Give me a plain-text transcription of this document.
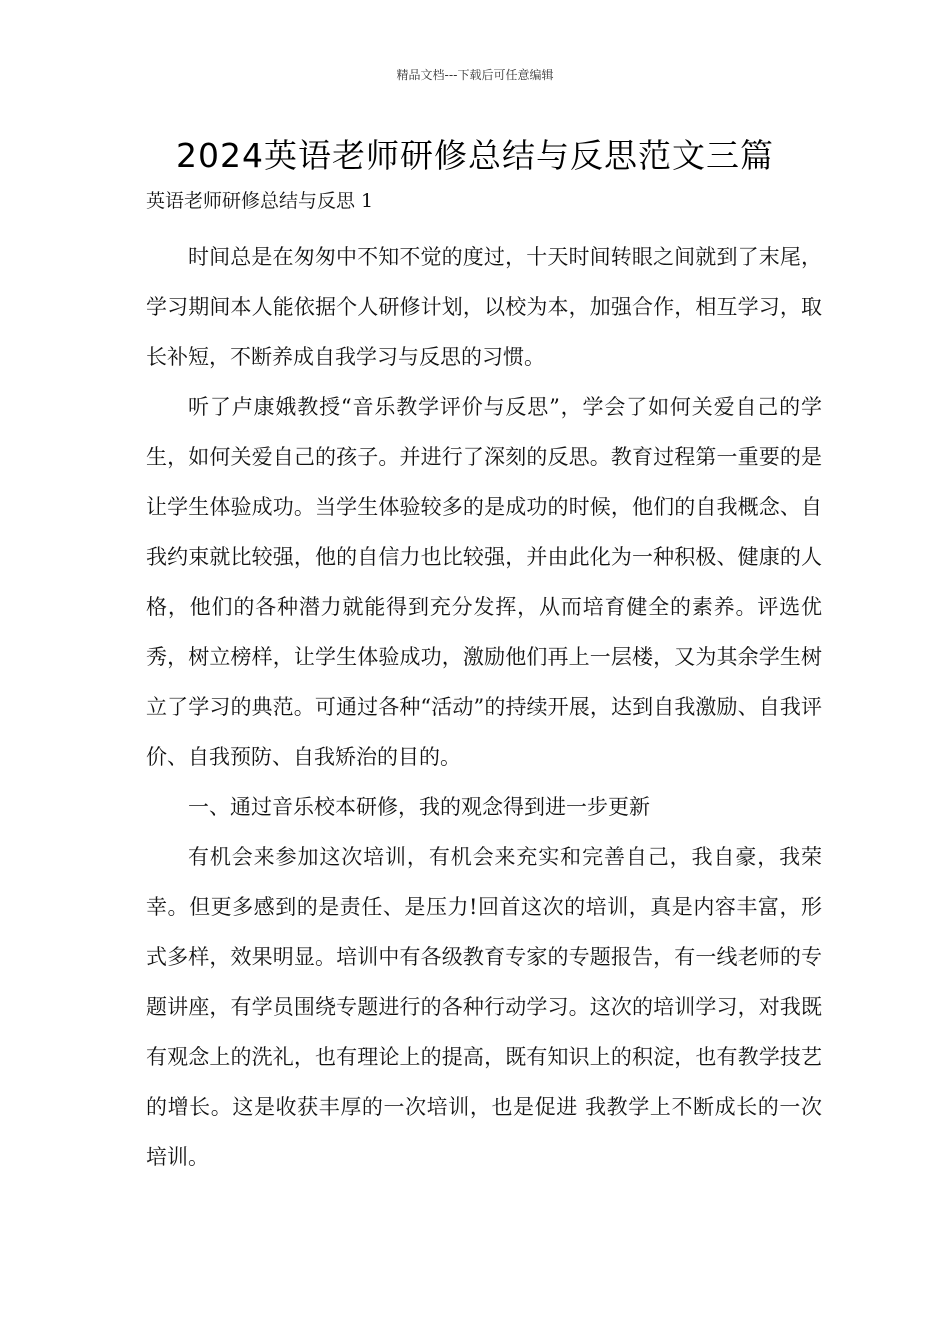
精品文档---下载后可任意编辑
2024英语老师研修总结与反思范文三篇
英语老师研修总结与反思 1

时间总是在匆匆中不知不觉的度过，十天时间转眼之间就到了末尾，学习期间本人能依据个人研修计划，以校为本，加强合作，相互学习，取长补短，不断养成自我学习与反思的习惯。

听了卢康娥教授“音乐教学评价与反思”，学会了如何关爱自己的学生，如何关爱自己的孩子。并进行了深刻的反思。教育过程第一重要的是让学生体验成功。当学生体验较多的是成功的时候，他们的自我概念、自我约束就比较强，他的自信力也比较强，并由此化为一种积极、健康的人格，他们的各种潜力就能得到充分发挥，从而培育健全的素养。评选优秀，树立榜样，让学生体验成功，激励他们再上一层楼，又为其余学生树立了学习的典范。可通过各种“活动”的持续开展，达到自我激励、自我评价、自我预防、自我矫治的目的。

一、通过音乐校本研修，我的观念得到进一步更新

有机会来参加这次培训，有机会来充实和完善自己，我自豪，我荣幸。但更多感到的是责任、是压力!回首这次的培训，真是内容丰富，形式多样，效果明显。培训中有各级教育专家的专题报告，有一线老师的专题讲座，有学员围绕专题进行的各种行动学习。这次的培训学习，对我既有观念上的洗礼，也有理论上的提高，既有知识上的积淀，也有教学技艺的增长。这是收获丰厚的一次培训，也是促进 我教学上不断成长的一次培训。
